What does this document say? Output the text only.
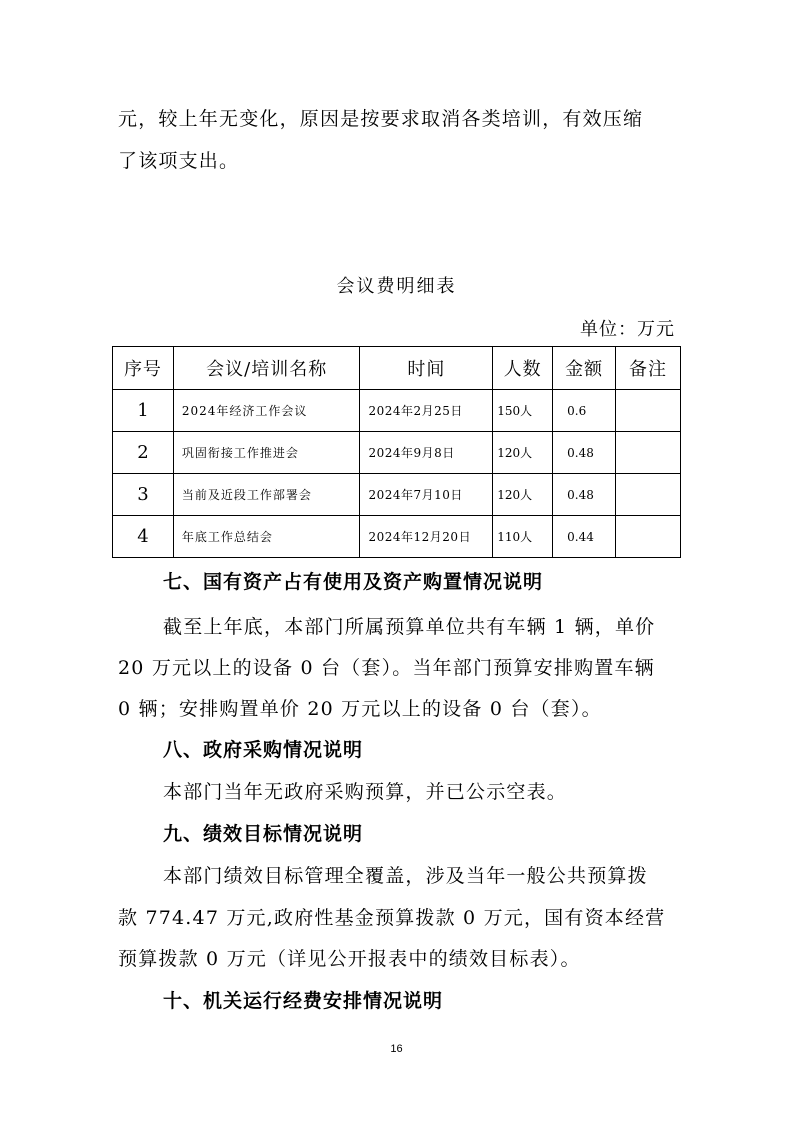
元，较上年无变化，原因是按要求取消各类培训，有效压缩
了该项支出。
会议费明细表
单位：万元
序号	会议/培训名称	时间	人数	金额	备注
1	2024年经济工作会议	2024年2月25日	150人	0.6	
2	巩固衔接工作推进会	2024年9月8日	120人	0.48	
3	当前及近段工作部署会	2024年7月10日	120人	0.48	
4	年底工作总结会	2024年12月20日	110人	0.44	
七、国有资产占有使用及资产购置情况说明
截至上年底，本部门所属预算单位共有车辆 1 辆，单价
20 万元以上的设备 0 台（套）。当年部门预算安排购置车辆
0 辆；安排购置单价 20 万元以上的设备 0 台（套）。
八、政府采购情况说明
本部门当年无政府采购预算，并已公示空表。
九、绩效目标情况说明
本部门绩效目标管理全覆盖，涉及当年一般公共预算拨
款 774.47 万元,政府性基金预算拨款 0 万元，国有资本经营
预算拨款 0 万元（详见公开报表中的绩效目标表）。
十、机关运行经费安排情况说明
16
